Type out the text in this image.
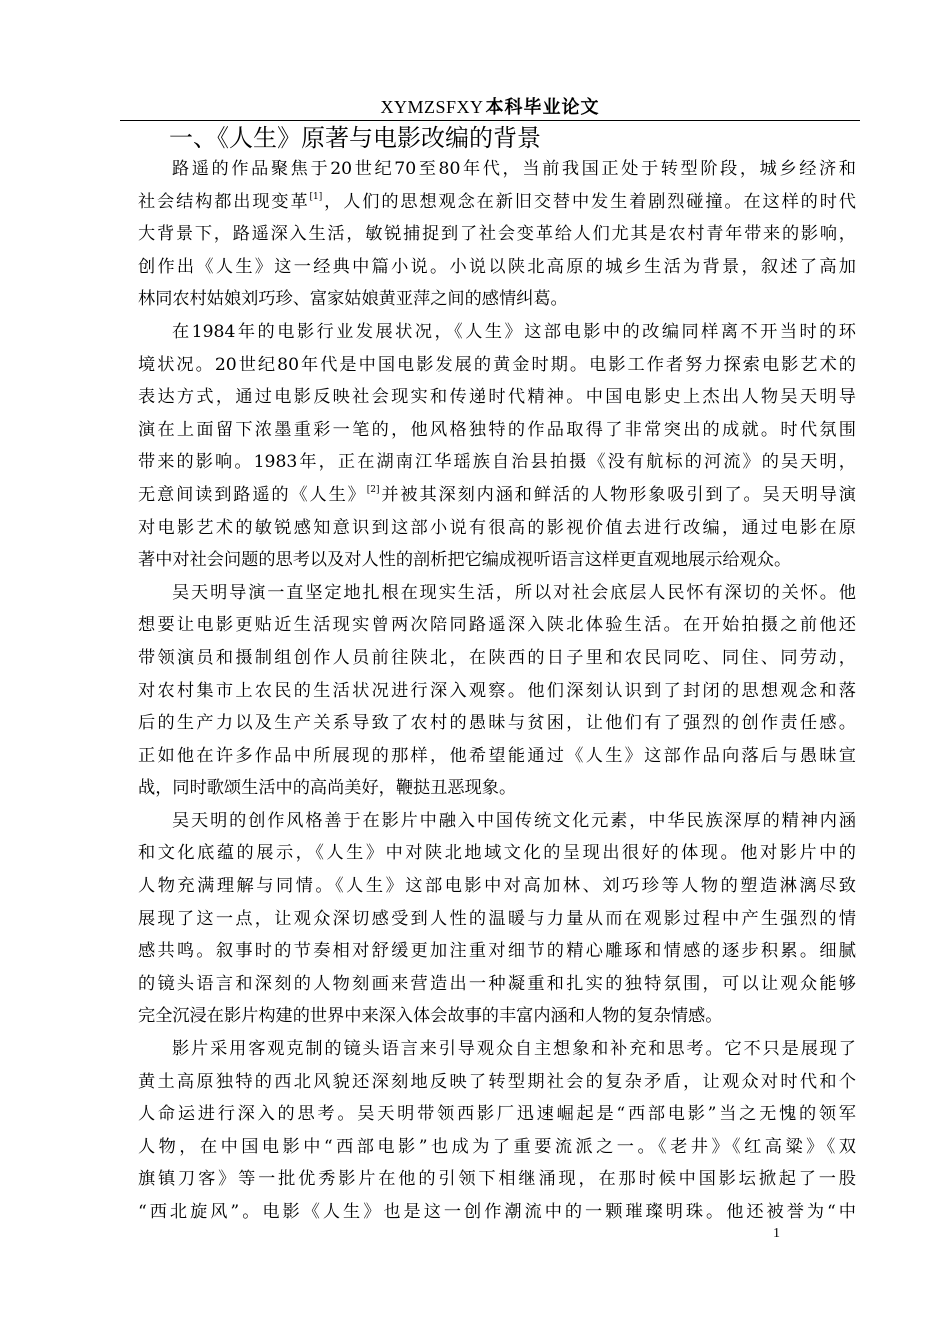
XYMZSFXY 本科毕业论文
一、《人生》原著与电影改编的背景
路遥的作品聚焦于20世纪70至80年代，当前我国正处于转型阶段，城乡经济和
社会结构都出现变革[1]，人们的思想观念在新旧交替中发生着剧烈碰撞。在这样的时代
大背景下，路遥深入生活，敏锐捕捉到了社会变革给人们尤其是农村青年带来的影响，
创作出《人生》这一经典中篇小说。小说以陕北高原的城乡生活为背景，叙述了高加
林同农村姑娘刘巧珍、富家姑娘黄亚萍之间的感情纠葛。
在1984年的电影行业发展状况，《人生》这部电影中的改编同样离不开当时的环
境状况。20世纪80年代是中国电影发展的黄金时期。电影工作者努力探索电影艺术的
表达方式，通过电影反映社会现实和传递时代精神。中国电影史上杰出人物吴天明导
演在上面留下浓墨重彩一笔的，他风格独特的作品取得了非常突出的成就。时代氛围
带来的影响。1983年，正在湖南江华瑶族自治县拍摄《没有航标的河流》的吴天明，
无意间读到路遥的《人生》[2]并被其深刻内涵和鲜活的人物形象吸引到了。吴天明导演
对电影艺术的敏锐感知意识到这部小说有很高的影视价值去进行改编，通过电影在原
著中对社会问题的思考以及对人性的剖析把它编成视听语言这样更直观地展示给观众。
吴天明导演一直坚定地扎根在现实生活，所以对社会底层人民怀有深切的关怀。他
想要让电影更贴近生活现实曾两次陪同路遥深入陕北体验生活。在开始拍摄之前他还
带领演员和摄制组创作人员前往陕北，在陕西的日子里和农民同吃、同住、同劳动，
对农村集市上农民的生活状况进行深入观察。他们深刻认识到了封闭的思想观念和落
后的生产力以及生产关系导致了农村的愚昧与贫困，让他们有了强烈的创作责任感。
正如他在许多作品中所展现的那样，他希望能通过《人生》这部作品向落后与愚昧宣
战，同时歌颂生活中的高尚美好，鞭挞丑恶现象。
吴天明的创作风格善于在影片中融入中国传统文化元素，中华民族深厚的精神内涵
和文化底蕴的展示，《人生》中对陕北地域文化的呈现出很好的体现。他对影片中的
人物充满理解与同情。《人生》这部电影中对高加林、刘巧珍等人物的塑造淋漓尽致
展现了这一点，让观众深切感受到人性的温暖与力量从而在观影过程中产生强烈的情
感共鸣。叙事时的节奏相对舒缓更加注重对细节的精心雕琢和情感的逐步积累。细腻
的镜头语言和深刻的人物刻画来营造出一种凝重和扎实的独特氛围，可以让观众能够
完全沉浸在影片构建的世界中来深入体会故事的丰富内涵和人物的复杂情感。
影片采用客观克制的镜头语言来引导观众自主想象和补充和思考。它不只是展现了
黄土高原独特的西北风貌还深刻地反映了转型期社会的复杂矛盾，让观众对时代和个
人命运进行深入的思考。吴天明带领西影厂迅速崛起是“西部电影”当之无愧的领军
人物，在中国电影中“西部电影”也成为了重要流派之一。《老井》《红高粱》《双
旗镇刀客》等一批优秀影片在他的引领下相继涌现，在那时候中国影坛掀起了一股
“西北旋风”。电影《人生》也是这一创作潮流中的一颗璀璨明珠。他还被誉为“中
1
